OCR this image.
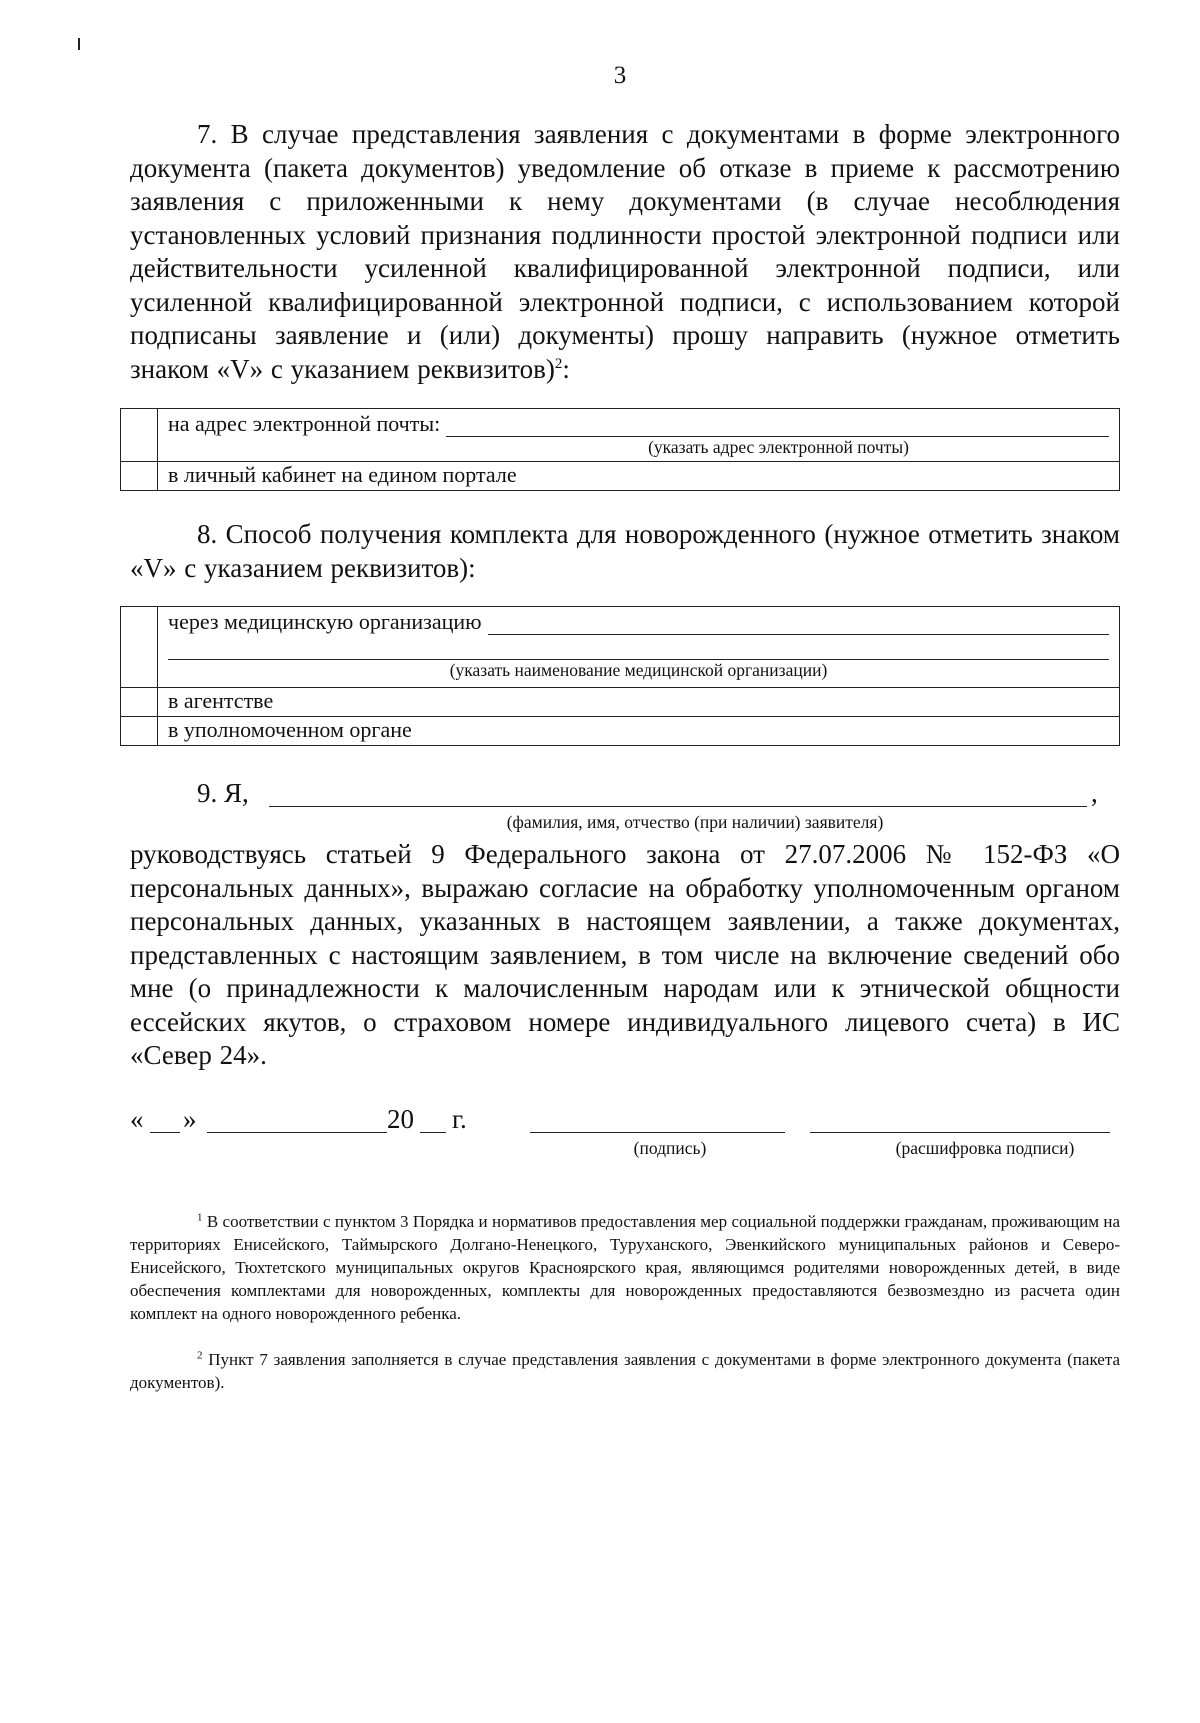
3
7. В случае представления заявления с документами в форме электронного документа (пакета документов) уведомление об отказе в приеме к рассмотрению заявления с приложенными к нему документами (в случае несоблюдения установленных условий признания подлинности простой электронной подписи или действительности усиленной квалифицированной электронной подписи, или усиленной квалифицированной электронной подписи, с использованием которой подписаны заявление и (или) документы) прошу направить (нужное отметить знаком «V» с указанием реквизитов)$^2$:

	на адрес электронной почты:
(указать адрес электронной почты)

	в личный кабинет на едином портале
8. Способ получения комплекта для новорожденного (нужное отметить знаком «V» с указанием реквизитов):

	через медицинскую организацию
(указать наименование медицинской организации)

	в агентстве
	в уполномоченном органе
9. Я,	,
(фамилия, имя, отчество (при наличии) заявителя)
руководствуясь статьей 9 Федерального закона от 27.07.2006 № 152-ФЗ «О персональных данных», выражаю согласие на обработку уполномоченным органом персональных данных, указанных в настоящем заявлении, а также документах, представленных с настоящим заявлением, в том числе на включение сведений обо мне (о принадлежности к малочисленным народам или к этнической общности ессейских якутов, о страховом номере индивидуального лицевого счета) в ИС «Север 24».
« »	20 г.
(подпись)	(расшифровка подписи)
$^1$ В соответствии с пунктом 3 Порядка и нормативов предоставления мер социальной поддержки гражданам, проживающим на территориях Енисейского, Таймырского Долгано-Ненецкого, Туруханского, Эвенкийского муниципальных районов и Северо-Енисейского, Тюхтетского муниципальных округов Красноярского края, являющимся родителями новорожденных детей, в виде обеспечения комплектами для новорожденных, комплекты для новорожденных предоставляются безвозмездно из расчета один комплект на одного новорожденного ребенка.
$^2$ Пункт 7 заявления заполняется в случае представления заявления с документами в форме электронного документа (пакета документов).
